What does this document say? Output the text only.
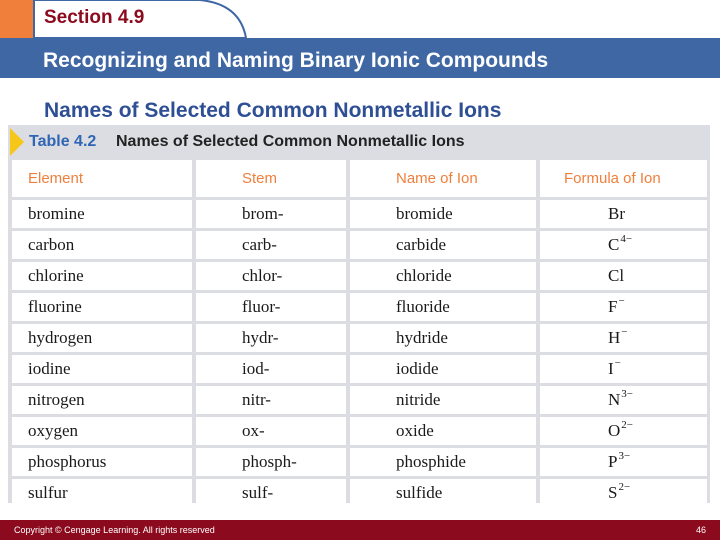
Section 4.9
Recognizing and Naming Binary Ionic Compounds
Names of Selected Common Nonmetallic Ions
Table 4.2 Names of Selected Common Nonmetallic Ions
Element	Stem	Name of Ion	Formula of Ion
bromine	brom-	bromide	Br
carbon	carb-	carbide	C 4−
chlorine	chlor-	chloride	Cl
fluorine	fluor-	fluoride	F −
hydrogen	hydr-	hydride	H −
iodine	iod-	iodide	I −
nitrogen	nitr-	nitride	N 3−
oxygen	ox-	oxide	O 2−
phosphorus	phosph-	phosphide	P 3−
sulfur	sulf-	sulfide	S 2−
Copyright © Cengage Learning. All rights reserved	46
